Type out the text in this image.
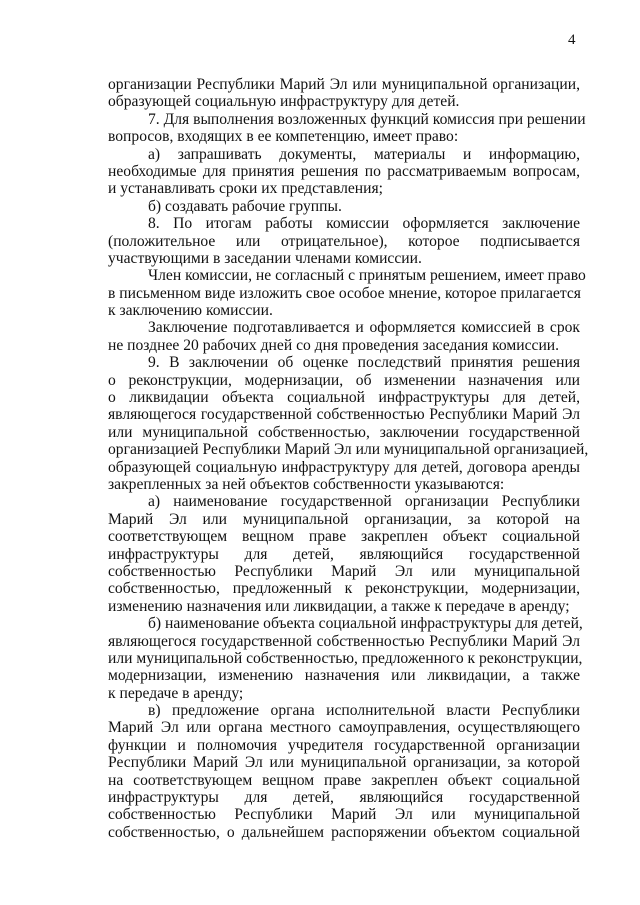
4
организации Республики Марий Эл или муниципальной организации,
образующей социальную инфраструктуру для детей.
7. Для выполнения возложенных функций комиссия при решении
вопросов, входящих в ее компетенцию, имеет право:
а) запрашивать документы, материалы и информацию,
необходимые для принятия решения по рассматриваемым вопросам,
и устанавливать сроки их представления;
б) создавать рабочие группы.
8. По итогам работы комиссии оформляется заключение
(положительное или отрицательное), которое подписывается
участвующими в заседании членами комиссии.
Член комиссии, не согласный с принятым решением, имеет право
в письменном виде изложить свое особое мнение, которое прилагается
к заключению комиссии.
Заключение подготавливается и оформляется комиссией в срок
не позднее 20 рабочих дней со дня проведения заседания комиссии.
9. В заключении об оценке последствий принятия решения
о реконструкции, модернизации, об изменении назначения или
о ликвидации объекта социальной инфраструктуры для детей,
являющегося государственной собственностью Республики Марий Эл
или муниципальной собственностью, заключении государственной
организацией Республики Марий Эл или муниципальной организацией,
образующей социальную инфраструктуру для детей, договора аренды
закрепленных за ней объектов собственности указываются:
а) наименование государственной организации Республики
Марий Эл или муниципальной организации, за которой на
соответствующем вещном праве закреплен объект социальной
инфраструктуры для детей, являющийся государственной
собственностью Республики Марий Эл или муниципальной
собственностью, предложенный к реконструкции, модернизации,
изменению назначения или ликвидации, а также к передаче в аренду;
б) наименование объекта социальной инфраструктуры для детей,
являющегося государственной собственностью Республики Марий Эл
или муниципальной собственностью, предложенного к реконструкции,
модернизации, изменению назначения или ликвидации, а также
к передаче в аренду;
в) предложение органа исполнительной власти Республики
Марий Эл или органа местного самоуправления, осуществляющего
функции и полномочия учредителя государственной организации
Республики Марий Эл или муниципальной организации, за которой
на соответствующем вещном праве закреплен объект социальной
инфраструктуры для детей, являющийся государственной
собственностью Республики Марий Эл или муниципальной
собственностью, о дальнейшем распоряжении объектом социальной
